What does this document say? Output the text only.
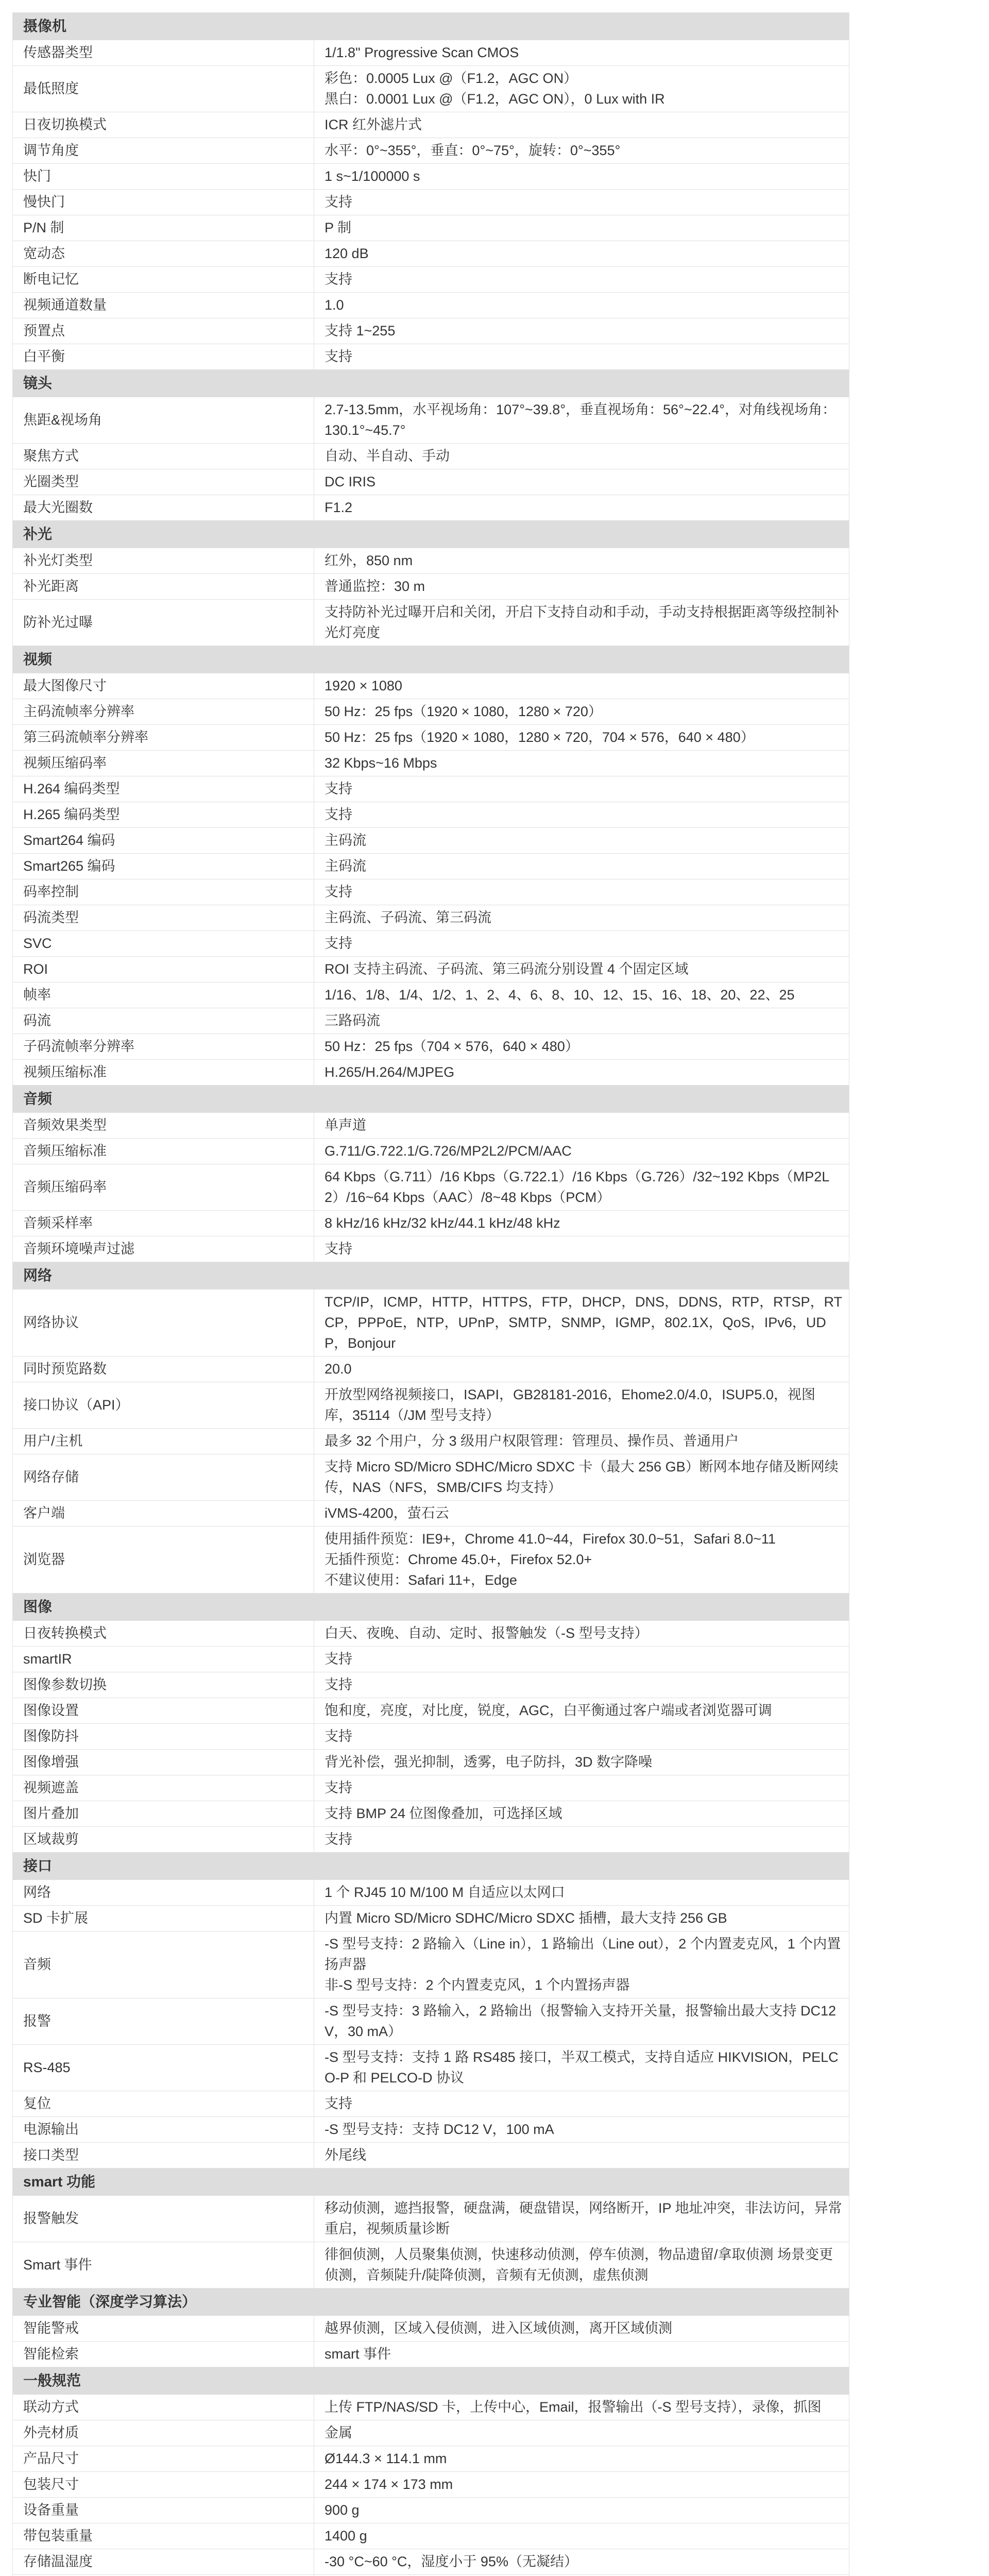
摄像机	
传感器类型	1/1.8" Progressive Scan CMOS

最低照度	彩色：0.0005 Lux @（F1.2，AGC ON）
黑白：0.0001 Lux @（F1.2，AGC ON），0 Lux with IR

日夜切换模式	ICR 红外滤片式

调节角度	水平：0°~355°，垂直：0°~75°，旋转：0°~355°

快门	1 s~1/100000 s

慢快门	支持

P/N 制	P 制

宽动态	120 dB

断电记忆	支持

视频通道数量	1.0

预置点	支持 1~255

白平衡	支持

镜头	
焦距&视场角	2.7-13.5mm，水平视场角：107°~39.8°，垂直视场角：56°~22.4°，对角线视场角：130.1°~45.7°

聚焦方式	自动、半自动、手动

光圈类型	DC IRIS

最大光圈数	F1.2

补光	
补光灯类型	红外，850 nm

补光距离	普通监控：30 m

防补光过曝	支持防补光过曝开启和关闭，开启下支持自动和手动，手动支持根据距离等级控制补光灯亮度

视频	
最大图像尺寸	1920 × 1080

主码流帧率分辨率	50 Hz：25 fps（1920 × 1080，1280 × 720）

第三码流帧率分辨率	50 Hz：25 fps（1920 × 1080，1280 × 720，704 × 576，640 × 480）

视频压缩码率	32 Kbps~16 Mbps

H.264 编码类型	支持

H.265 编码类型	支持

Smart264 编码	主码流

Smart265 编码	主码流

码率控制	支持

码流类型	主码流、子码流、第三码流

SVC	支持

ROI	ROI 支持主码流、子码流、第三码流分别设置 4 个固定区域

帧率	1/16、1/8、1/4、1/2、1、2、4、6、8、10、12、15、16、18、20、22、25

码流	三路码流

子码流帧率分辨率	50 Hz：25 fps（704 × 576，640 × 480）

视频压缩标准	H.265/H.264/MJPEG

音频	
音频效果类型	单声道

音频压缩标准	G.711/G.722.1/G.726/MP2L2/PCM/AAC

音频压缩码率	64 Kbps（G.711）/16 Kbps（G.722.1）/16 Kbps（G.726）/32~192 Kbps（MP2L2）/16~64 Kbps（AAC）/8~48 Kbps（PCM）

音频采样率	8 kHz/16 kHz/32 kHz/44.1 kHz/48 kHz

音频环境噪声过滤	支持

网络	
网络协议	TCP/IP，ICMP，HTTP，HTTPS，FTP，DHCP，DNS，DDNS，RTP，RTSP，RTCP，PPPoE，NTP，UPnP，SMTP，SNMP，IGMP，802.1X，QoS，IPv6，UDP，Bonjour

同时预览路数	20.0

接口协议（API）	开放型网络视频接口，ISAPI，GB28181-2016，Ehome2.0/4.0，ISUP5.0，视图库，35114（/JM 型号支持）

用户/主机	最多 32 个用户，分 3 级用户权限管理：管理员、操作员、普通用户

网络存储	支持 Micro SD/Micro SDHC/Micro SDXC 卡（最大 256 GB）断网本地存储及断网续传，NAS（NFS，SMB/CIFS 均支持）

客户端	iVMS-4200，萤石云

浏览器	使用插件预览：IE9+，Chrome 41.0~44，Firefox 30.0~51，Safari 8.0~11
无插件预览：Chrome 45.0+，Firefox 52.0+
不建议使用：Safari 11+，Edge

图像	
日夜转换模式	白天、夜晚、自动、定时、报警触发（-S 型号支持）

smartIR	支持

图像参数切换	支持

图像设置	饱和度，亮度，对比度，锐度，AGC，白平衡通过客户端或者浏览器可调

图像防抖	支持

图像增强	背光补偿，强光抑制，透雾，电子防抖，3D 数字降噪

视频遮盖	支持

图片叠加	支持 BMP 24 位图像叠加，可选择区域

区域裁剪	支持

接口	
网络	1 个 RJ45 10 M/100 M 自适应以太网口

SD 卡扩展	内置 Micro SD/Micro SDHC/Micro SDXC 插槽，最大支持 256 GB

音频	-S 型号支持：2 路输入（Line in），1 路输出（Line out），2 个内置麦克风，1 个内置扬声器
非-S 型号支持：2 个内置麦克风，1 个内置扬声器

报警	-S 型号支持：3 路输入，2 路输出（报警输入支持开关量，报警输出最大支持 DC12 V，30 mA）

RS-485	-S 型号支持：支持 1 路 RS485 接口，半双工模式，支持自适应 HIKVISION，PELCO-P 和 PELCO-D 协议

复位	支持

电源输出	-S 型号支持：支持 DC12 V，100 mA

接口类型	外尾线

smart 功能	
报警触发	移动侦测，遮挡报警，硬盘满，硬盘错误，网络断开，IP 地址冲突，非法访问，异常重启，视频质量诊断

Smart 事件	徘徊侦测，人员聚集侦测，快速移动侦测，停车侦测，物品遗留/拿取侦测 场景变更侦测，音频陡升/陡降侦测，音频有无侦测，虚焦侦测

专业智能（深度学习算法）	
智能警戒	越界侦测，区域入侵侦测，进入区域侦测，离开区域侦测

智能检索	smart 事件

一般规范	
联动方式	上传 FTP/NAS/SD 卡，上传中心，Email，报警输出（-S 型号支持），录像，抓图

外壳材质	金属

产品尺寸	Ø144.3 × 114.1 mm

包装尺寸	244 × 174 × 173 mm

设备重量	900 g

带包装重量	1400 g

存储温湿度	-30 °C~60 °C，湿度小于 95%（无凝结）
